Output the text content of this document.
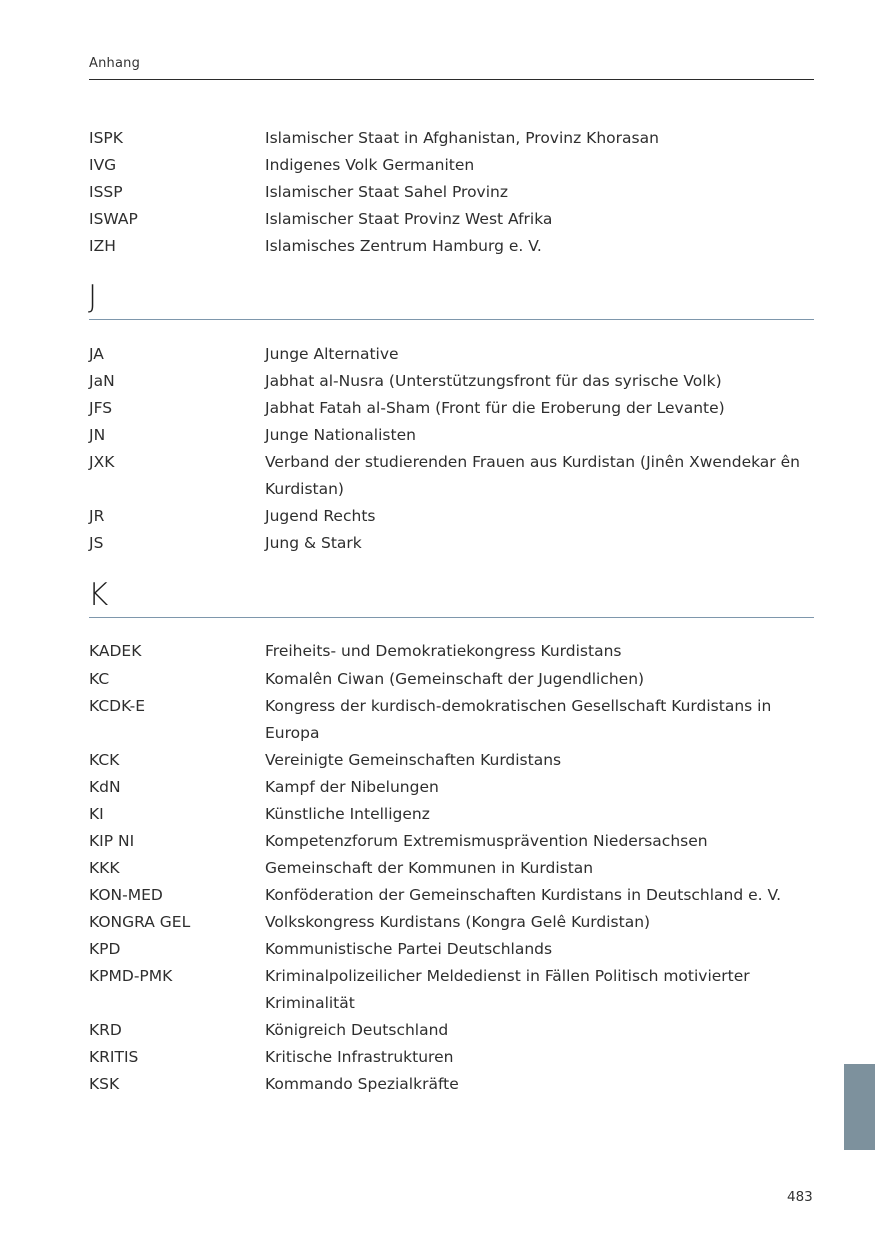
Anhang
ISPK	Islamischer Staat in Afghanistan, Provinz Khorasan
IVG	Indigenes Volk Germaniten
ISSP	Islamischer Staat Sahel Provinz
ISWAP	Islamischer Staat Provinz West Afrika
IZH	Islamisches Zentrum Hamburg e. V.
J
JA	Junge Alternative
JaN	Jabhat al-Nusra (Unterstützungsfront für das syrische Volk)
JFS	Jabhat Fatah al-Sham (Front für die Eroberung der Levante)
JN	Junge Nationalisten
JXK	Verband der studierenden Frauen aus Kurdistan (Jinên Xwendekar ên Kurdistan)
JR	Jugend Rechts
JS	Jung & Stark
K
KADEK	Freiheits- und Demokratiekongress Kurdistans
KC	Komalên Ciwan (Gemeinschaft der Jugendlichen)
KCDK-E	Kongress der kurdisch-demokratischen Gesellschaft Kurdistans in Europa
KCK	Vereinigte Gemeinschaften Kurdistans
KdN	Kampf der Nibelungen
KI	Künstliche Intelligenz
KIP NI	Kompetenzforum Extremismusprävention Niedersachsen
KKK	Gemeinschaft der Kommunen in Kurdistan
KON-MED	Konföderation der Gemeinschaften Kurdistans in Deutschland e. V.
KONGRA GEL	Volkskongress Kurdistans (Kongra Gelê Kurdistan)
KPD	Kommunistische Partei Deutschlands
KPMD-PMK	Kriminalpolizeilicher Meldedienst in Fällen Politisch motivierter Kriminalität
KRD	Königreich Deutschland
KRITIS	Kritische Infrastrukturen
KSK	Kommando Spezialkräfte
483
